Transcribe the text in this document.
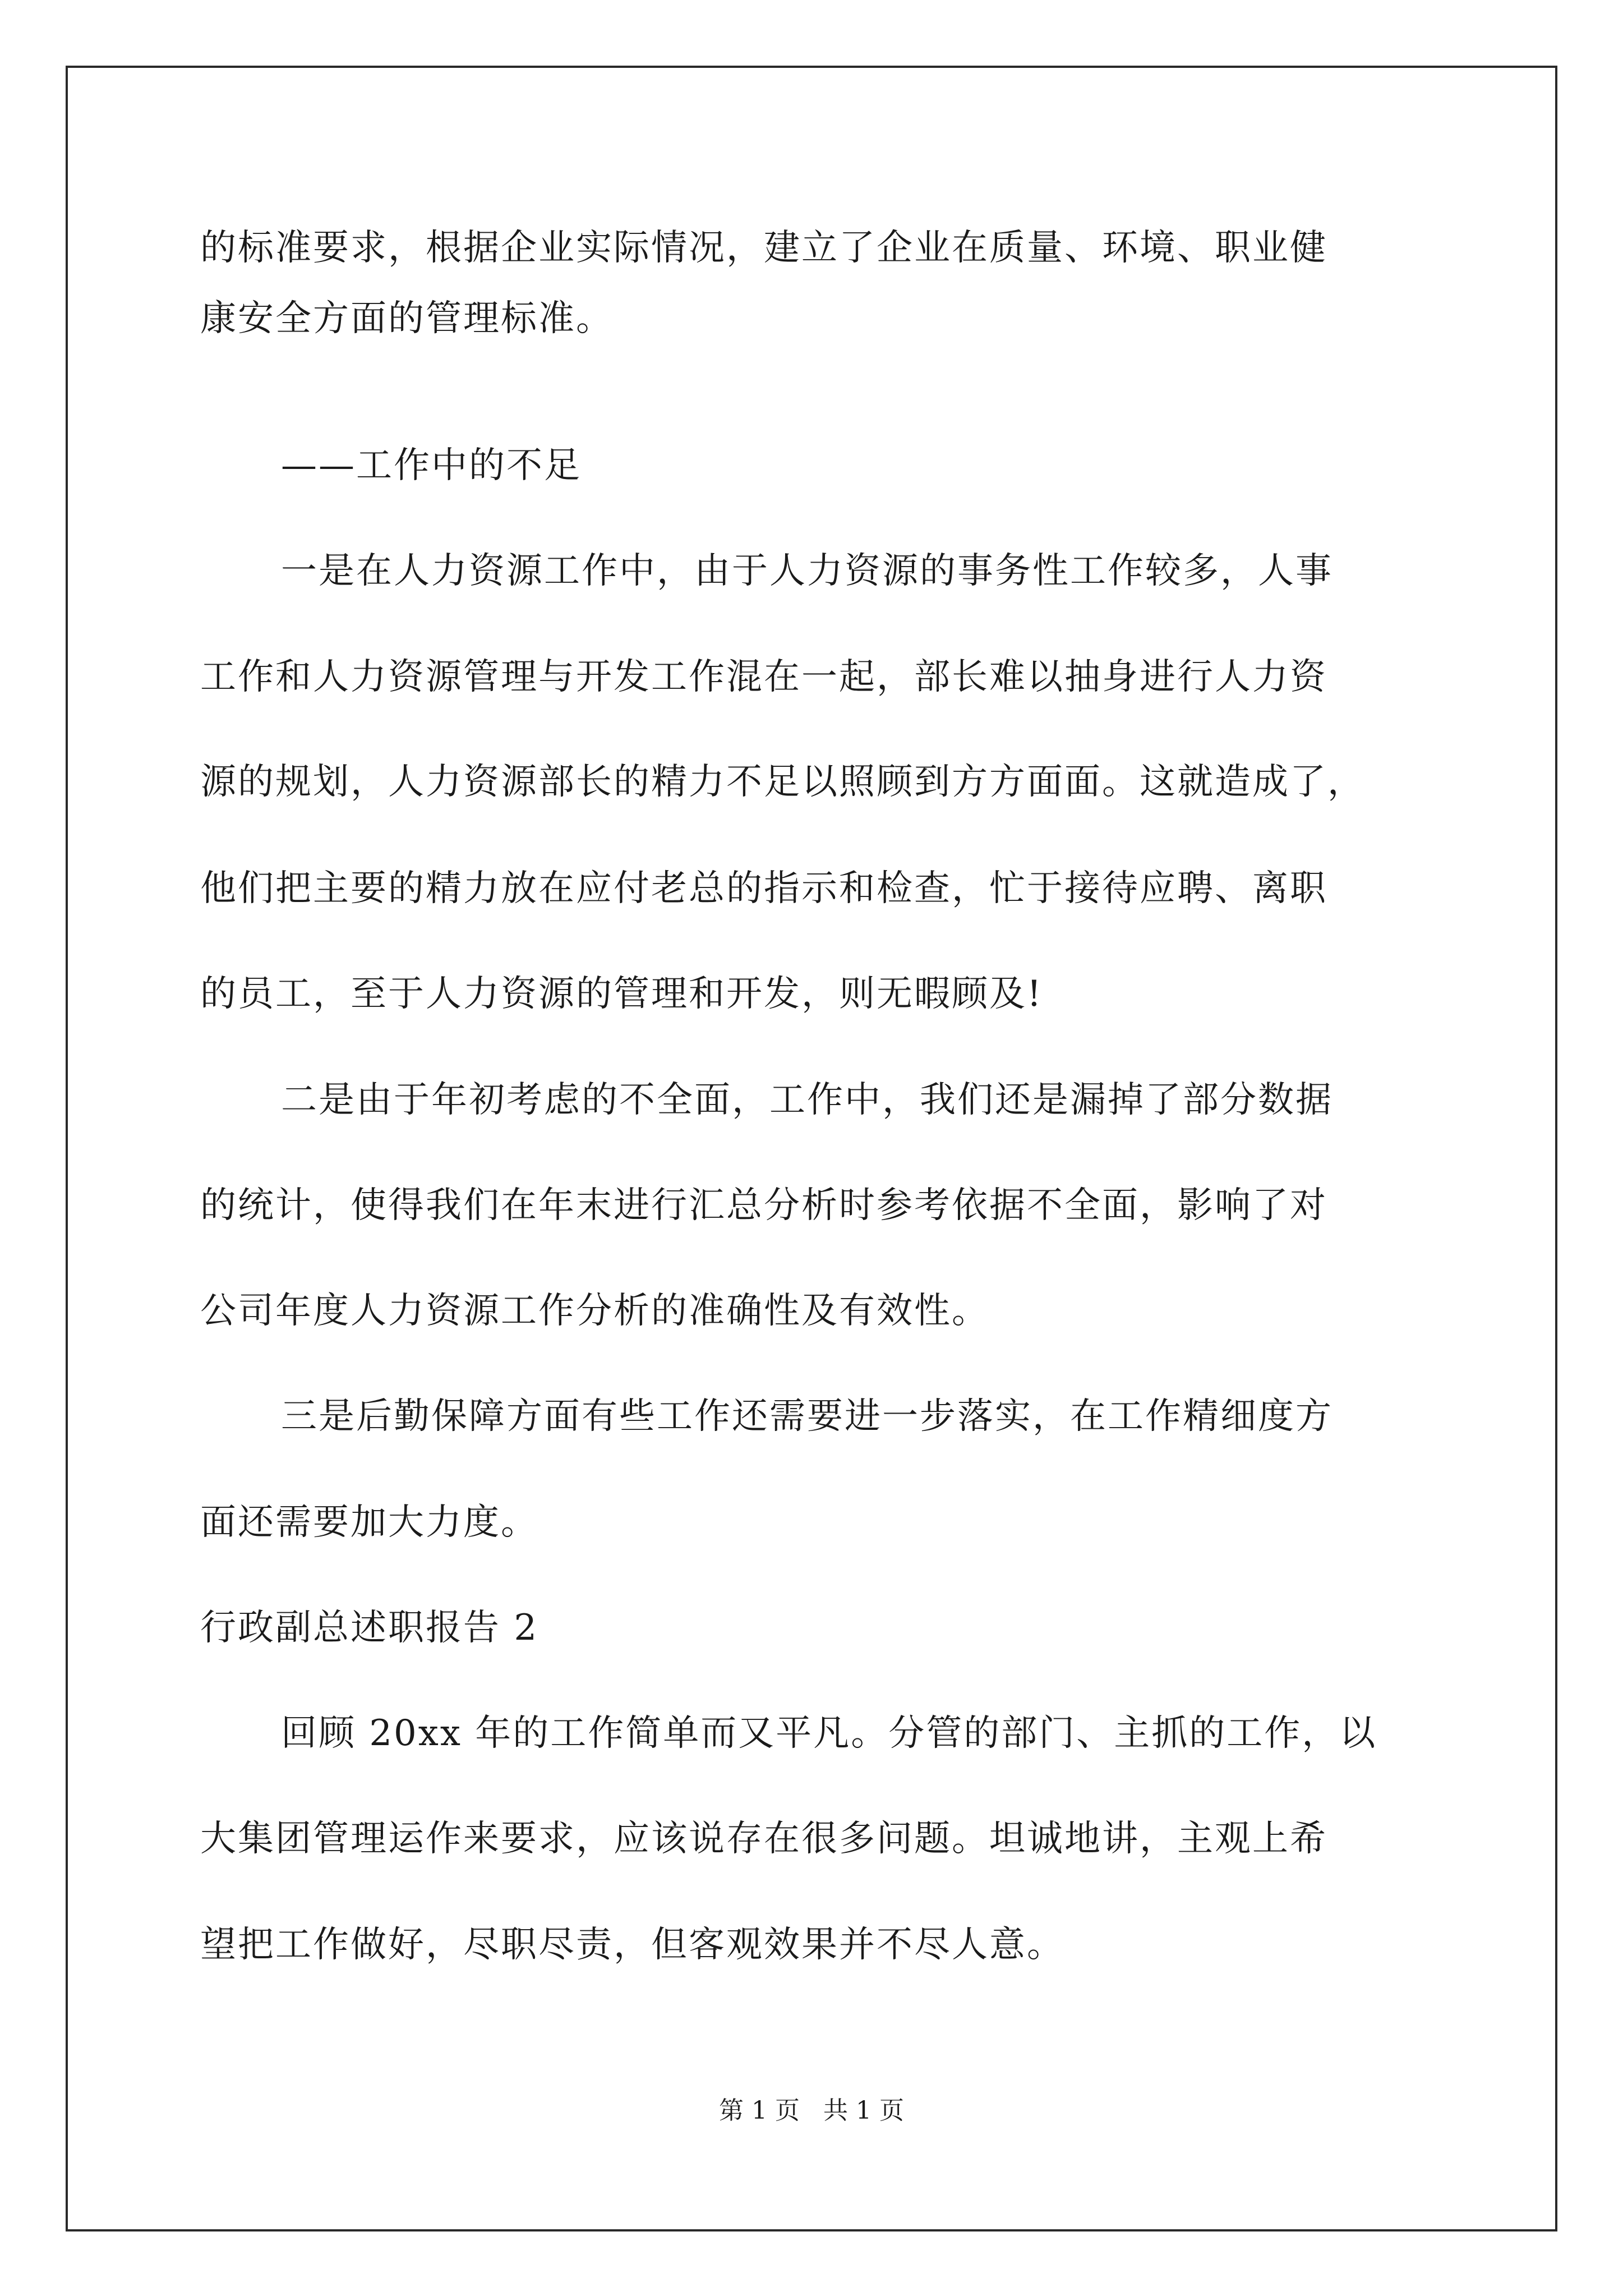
的标准要求，根据企业实际情况，建立了企业在质量、环境、职业健
康安全方面的管理标准。
——工作中的不足
一是在人力资源工作中，由于人力资源的事务性工作较多，人事
工作和人力资源管理与开发工作混在一起，部长难以抽身进行人力资
源的规划，人力资源部长的精力不足以照顾到方方面面。这就造成了，
他们把主要的精力放在应付老总的指示和检查，忙于接待应聘、离职
的员工，至于人力资源的管理和开发，则无暇顾及!
二是由于年初考虑的不全面，工作中，我们还是漏掉了部分数据
的统计，使得我们在年末进行汇总分析时参考依据不全面，影响了对
公司年度人力资源工作分析的准确性及有效性。
三是后勤保障方面有些工作还需要进一步落实，在工作精细度方
面还需要加大力度。
行政副总述职报告 2
回顾 20xx 年的工作简单而又平凡。分管的部门、主抓的工作，以
大集团管理运作来要求，应该说存在很多问题。坦诚地讲，主观上希
望把工作做好，尽职尽责，但客观效果并不尽人意。
第 1 页 共 1 页
